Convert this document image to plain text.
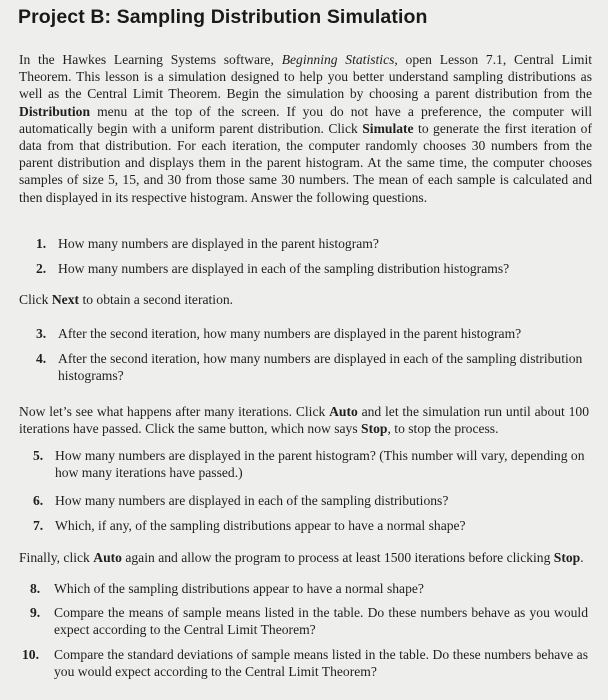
Project B: Sampling Distribution Simulation

In the Hawkes Learning Systems software, Beginning Statistics, open Lesson 7.1, Central Limit Theorem. This lesson is a simulation designed to help you better understand sampling distributions as well as the Central Limit Theorem. Begin the simulation by choosing a parent distribution from the Distribution menu at the top of the screen. If you do not have a preference, the computer will automatically begin with a uniform parent distribution. Click Simulate to generate the first iteration of data from that distribution. For each iteration, the computer randomly chooses 30 numbers from the parent distribution and displays them in the parent histogram. At the same time, the computer chooses samples of size 5, 15, and 30 from those same 30 numbers. The mean of each sample is calculated and then displayed in its respective histogram. Answer the following questions.

1. How many numbers are displayed in the parent histogram?
2. How many numbers are displayed in each of the sampling distribution histograms?

Click Next to obtain a second iteration.

3. After the second iteration, how many numbers are displayed in the parent histogram?
4. After the second iteration, how many numbers are displayed in each of the sampling distribution histograms?

Now let’s see what happens after many iterations. Click Auto and let the simulation run until about 100 iterations have passed. Click the same button, which now says Stop, to stop the process.

5. How many numbers are displayed in the parent histogram? (This number will vary, depending on how many iterations have passed.)
6. How many numbers are displayed in each of the sampling distributions?
7. Which, if any, of the sampling distributions appear to have a normal shape?

Finally, click Auto again and allow the program to process at least 1500 iterations before clicking Stop.

8.	Which of the sampling distributions appear to have a normal shape?
9.	Compare the means of sample means listed in the table. Do these numbers behave as you would expect according to the Central Limit Theorem?
10.	Compare the standard deviations of sample means listed in the table. Do these numbers behave as you would expect according to the Central Limit Theorem?
